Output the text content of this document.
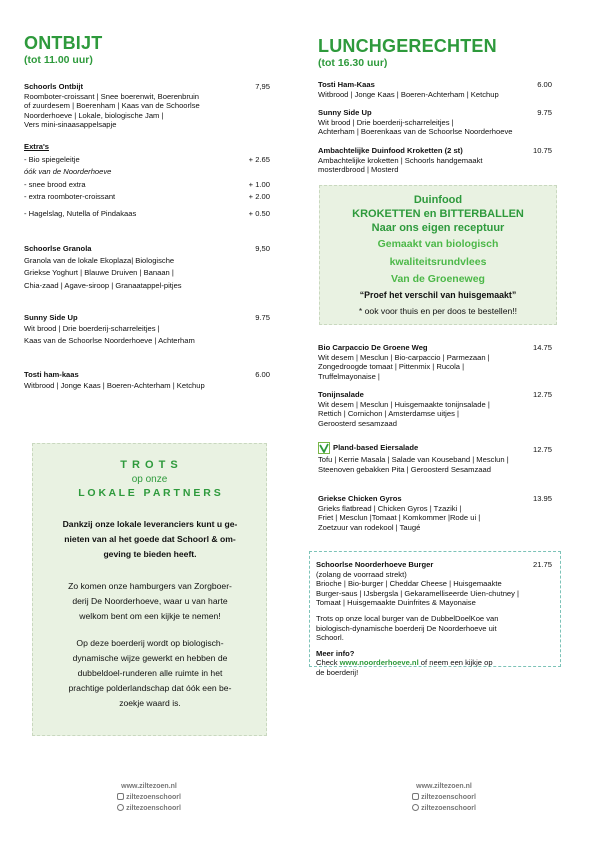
ONTBIJT
(tot 11.00 uur)
Schoorls Ontbijt
Roomboter-croissant | Snee boerenwit, Boerenbruin
of zuurdesem | Boerenham | Kaas van de Schoorlse
Noorderhoeve | Lokale, biologische Jam |
Vers mini-sinaasappelsapje
7,95
Extra's
- Bio spiegeleitje	+ 2.65
óók van de Noorderhoeve
- snee brood extra	+ 1.00
- extra roomboter-croissant	+ 2.00
- Hagelslag, Nutella of Pindakaas	+ 0.50
Schoorlse Granola
Granola van de lokale Ekoplaza| Biologische
Griekse Yoghurt | Blauwe Druiven | Banaan |
Chia-zaad | Agave-siroop | Granaatappel-pitjes
9,50
Sunny Side Up
Wit brood | Drie boerderij-scharreleitjes |
Kaas van de Schoorlse Noorderhoeve | Achterham
9.75
Tosti ham-kaas
Witbrood | Jonge Kaas | Boeren-Achterham | Ketchup
6.00
T R O T S
op onze
L O K A L E   P A R T N E R S
Dankzij onze lokale leveranciers kunt u ge-
nieten van al het goede dat Schoorl & om-
geving te bieden heeft.
Zo komen onze hamburgers van Zorgboer-
derij De Noorderhoeve, waar u van harte
welkom bent om een kijkje te nemen!
Op deze boerderij wordt op biologisch-
dynamische wijze gewerkt en hebben de
dubbeldoel-runderen alle ruimte in het
prachtige polderlandschap dat óók een be-
zoekje waard is.
LUNCHGERECHTEN
(tot 16.30 uur)
Tosti Ham-Kaas
Witbrood | Jonge Kaas | Boeren-Achterham | Ketchup
6.00
Sunny Side Up
Wit brood | Drie boerderij-scharreleitjes |
Achterham | Boerenkaas van de Schoorlse Noorderhoeve
9.75
Ambachtelijke Duinfood Kroketten (2 st)
Ambachtelijke kroketten | Schoorls handgemaakt
mosterdbrood | Mosterd
10.75
Duinfood
KROKETTEN en BITTERBALLEN
Naar ons eigen receptuur
Gemaakt van biologisch
kwaliteitsrundvlees
Van de Groeneweg
“Proef het verschil van huisgemaakt”
* ook voor thuis en per doos te bestellen!!
Bio Carpaccio De Groene Weg
Wit desem | Mesclun | Bio-carpaccio | Parmezaan |
Zongedroogde tomaat | Pittenmix | Rucola |
Truffelmayonaise |
14.75
Tonijnsalade
Wit desem | Mesclun | Huisgemaakte tonijnsalade |
Rettich | Cornichon | Amsterdamse uitjes |
Geroosterd sesamzaad
12.75
Pland-based Eiersalade
Tofu | Kerrie Masala | Salade van Kouseband | Mesclun |
Steenoven gebakken Pita | Geroosterd Sesamzaad
12.75
Griekse Chicken Gyros
Grieks flatbread | Chicken Gyros | Tzaziki |
Friet | Mesclun |Tomaat | Komkommer |Rode ui |
Zoetzuur van rodekool | Taugé
13.95
Schoorlse Noorderhoeve Burger
(zolang de voorraad strekt)
Brioche | Bio-burger | Cheddar Cheese | Huisgemaakte
Burger-saus | IJsbergsla | Gekaramelliseerde Uien-chutney |
Tomaat | Huisgemaakte Duinfrites & Mayonaise
Trots op onze local burger van de DubbelDoelKoe van
biologisch-dynamische boerderij De Noorderhoeve uit
Schoorl.
Meer info?
Check www.noorderhoeve.nl of neem een kijkje op
de boerderij!
21.75
www.ziltezoen.nl
ziltezoenschoorl
ziltezoenschoorl
www.ziltezoen.nl
ziltezoenschoorl
ziltezoenschoorl
